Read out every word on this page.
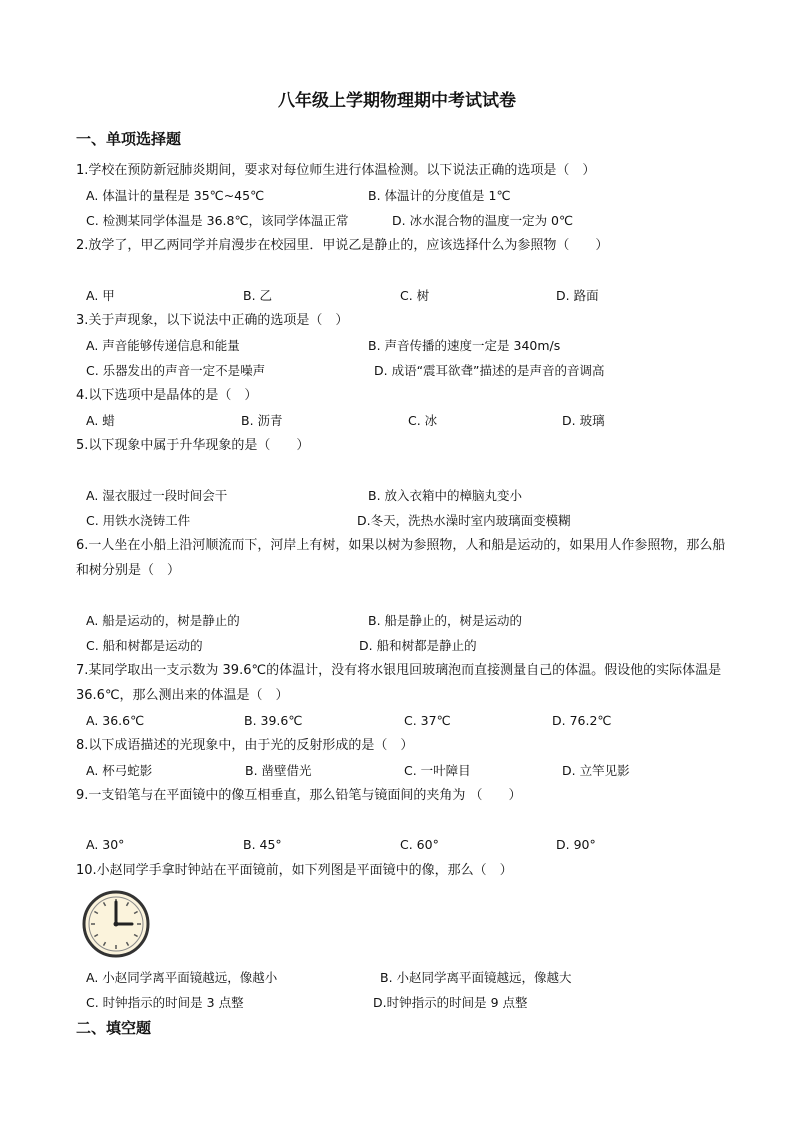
八年级上学期物理期中考试试卷
一、单项选择题
1.学校在预防新冠肺炎期间，要求对每位师生进行体温检测。以下说法正确的选项是（　）
A. 体温计的量程是 35℃~45℃	B. 体温计的分度值是 1℃
C. 检测某同学体温是 36.8℃，该同学体温正常	D. 冰水混合物的温度一定为 0℃
2.放学了，甲乙两同学并肩漫步在校园里．甲说乙是静止的，应该选择什么为参照物（　　）
A. 甲	B. 乙	C. 树	D. 路面
3.关于声现象，以下说法中正确的选项是（　）
A. 声音能够传递信息和能量	B. 声音传播的速度一定是 340m/s
C. 乐器发出的声音一定不是噪声	D. 成语“震耳欲聋”描述的是声音的音调高
4.以下选项中是晶体的是（　）
A. 蜡	B. 沥青	C. 冰	D. 玻璃
5.以下现象中属于升华现象的是（　　）
A. 湿衣服过一段时间会干	B. 放入衣箱中的樟脑丸变小
C. 用铁水浇铸工件	D.冬天，洗热水澡时室内玻璃面变模糊
6.一人坐在小船上沿河顺流而下，河岸上有树，如果以树为参照物，人和船是运动的，如果用人作参照物，那么船和树分别是（　）
A. 船是运动的，树是静止的	B. 船是静止的，树是运动的
C. 船和树都是运动的	D. 船和树都是静止的
7.某同学取出一支示数为 39.6℃的体温计，没有将水银甩回玻璃泡而直接测量自己的体温。假设他的实际体温是 36.6℃，那么测出来的体温是（　）
A. 36.6℃	B. 39.6℃	C. 37℃	D. 76.2℃
8.以下成语描述的光现象中，由于光的反射形成的是（　）
A. 杯弓蛇影	B. 凿壁借光	C. 一叶障目	D. 立竿见影
9.一支铅笔与在平面镜中的像互相垂直，那么铅笔与镜面间的夹角为 （　　）
A. 30°	B. 45°	C. 60°	D. 90°
10.小赵同学手拿时钟站在平面镜前，如下列图是平面镜中的像，那么（　）
A. 小赵同学离平面镜越远，像越小	B. 小赵同学离平面镜越远，像越大
C. 时钟指示的时间是 3 点整	D.时钟指示的时间是 9 点整
二、填空题
